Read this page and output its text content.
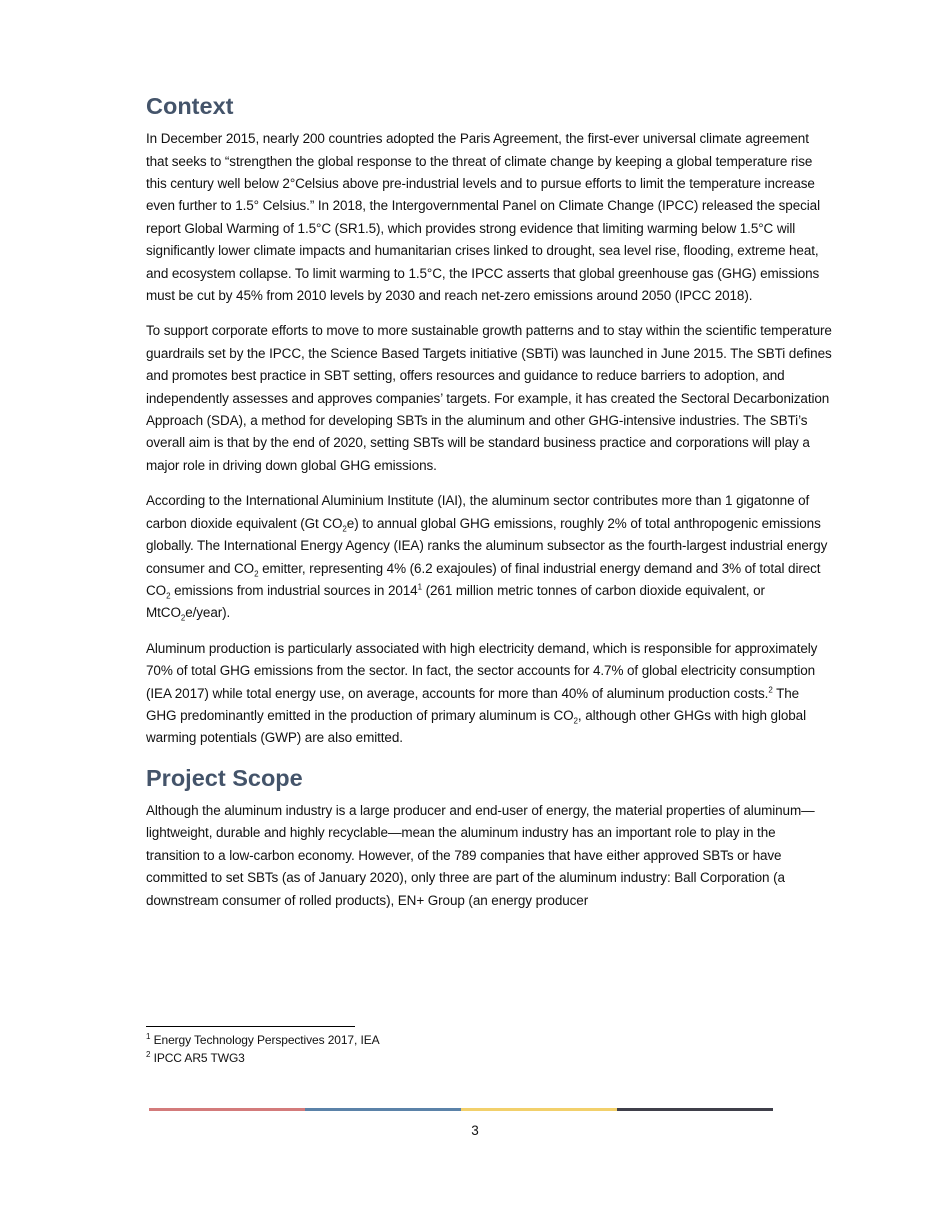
Context

In December 2015, nearly 200 countries adopted the Paris Agreement, the first-ever universal climate agreement that seeks to “strengthen the global response to the threat of climate change by keeping a global temperature rise this century well below 2°Celsius above pre-industrial levels and to pursue efforts to limit the temperature increase even further to 1.5° Celsius.” In 2018, the Intergovernmental Panel on Climate Change (IPCC) released the special report Global Warming of 1.5°C (SR1.5), which provides strong evidence that limiting warming below 1.5°C will significantly lower climate impacts and humanitarian crises linked to drought, sea level rise, flooding, extreme heat, and ecosystem collapse. To limit warming to 1.5°C, the IPCC asserts that global greenhouse gas (GHG) emissions must be cut by 45% from 2010 levels by 2030 and reach net-zero emissions around 2050 (IPCC 2018).

To support corporate efforts to move to more sustainable growth patterns and to stay within the scientific temperature guardrails set by the IPCC, the Science Based Targets initiative (SBTi) was launched in June 2015. The SBTi defines and promotes best practice in SBT setting, offers resources and guidance to reduce barriers to adoption, and independently assesses and approves companies’ targets. For example, it has created the Sectoral Decarbonization Approach (SDA), a method for developing SBTs in the aluminum and other GHG-intensive industries. The SBTi’s overall aim is that by the end of 2020, setting SBTs will be standard business practice and corporations will play a major role in driving down global GHG emissions.

According to the International Aluminium Institute (IAI), the aluminum sector contributes more than 1 gigatonne of carbon dioxide equivalent (Gt $CO_2e$) to annual global GHG emissions, roughly 2% of total anthropogenic emissions globally. The International Energy Agency (IEA) ranks the aluminum subsector as the fourth-largest industrial energy consumer and $CO_2$ emitter, representing 4% (6.2 exajoules) of final industrial energy demand and 3% of total direct $CO_2$ emissions from industrial sources in 2014$^1$ (261 million metric tonnes of carbon dioxide equivalent, or MtCO$_2$e/year).

Aluminum production is particularly associated with high electricity demand, which is responsible for approximately 70% of total GHG emissions from the sector. In fact, the sector accounts for 4.7% of global electricity consumption (IEA 2017) while total energy use, on average, accounts for more than 40% of aluminum production costs.$^2$ The GHG predominantly emitted in the production of primary aluminum is $CO_2$, although other GHGs with high global warming potentials (GWP) are also emitted.

Project Scope

Although the aluminum industry is a large producer and end-user of energy, the material properties of aluminum—lightweight, durable and highly recyclable—mean the aluminum industry has an important role to play in the transition to a low-carbon economy. However, of the 789 companies that have either approved SBTs or have committed to set SBTs (as of January 2020), only three are part of the aluminum industry: Ball Corporation (a downstream consumer of rolled products), EN+ Group (an energy producer

$^1$ Energy Technology Perspectives 2017, IEA

$^2$ IPCC AR5 TWG3

3
